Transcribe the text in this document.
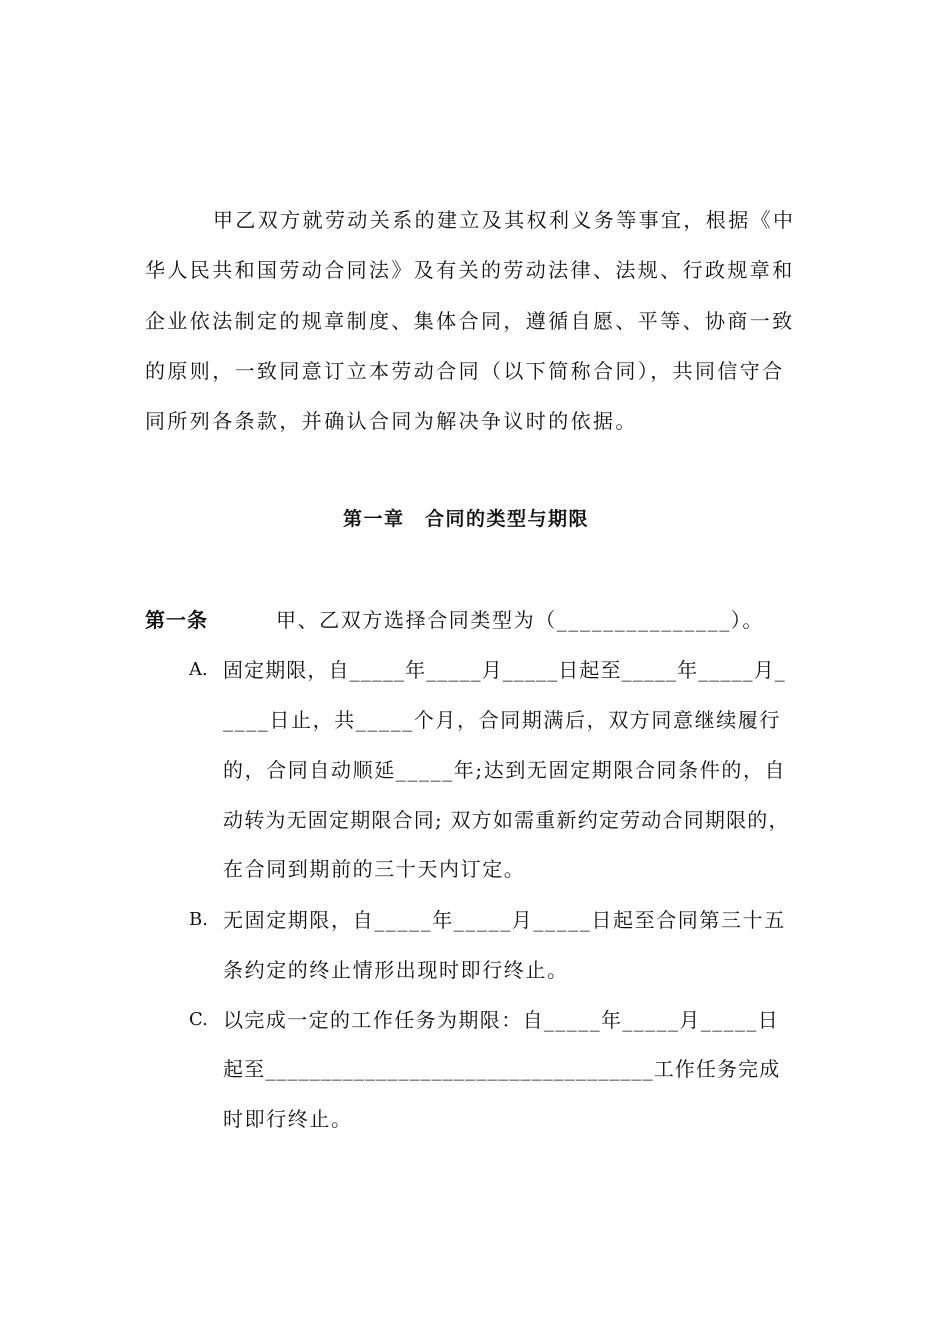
甲乙双方就劳动关系的建立及其权利义务等事宜，根据《中
华人民共和国劳动合同法》及有关的劳动法律、法规、行政规章和
企业依法制定的规章制度、集体合同，遵循自愿、平等、协商一致
的原则，一致同意订立本劳动合同（以下简称合同），共同信守合
同所列各条款，并确认合同为解决争议时的依据。
第一章　合同的类型与期限
第一条	甲、乙双方选择合同类型为（_______________）。
A. 固定期限，自_____年_____月_____日起至_____年_____月_
____日止，共_____个月，合同期满后，双方同意继续履行
的，合同自动顺延_____年;达到无固定期限合同条件的，自
动转为无固定期限合同; 双方如需重新约定劳动合同期限的，
在合同到期前的三十天内订定。
B. 无固定期限，自_____年_____月_____日起至合同第三十五
条约定的终止情形出现时即行终止。
C. 以完成一定的工作任务为期限：自_____年_____月_____日
起至___________________________________工作任务完成
时即行终止。
